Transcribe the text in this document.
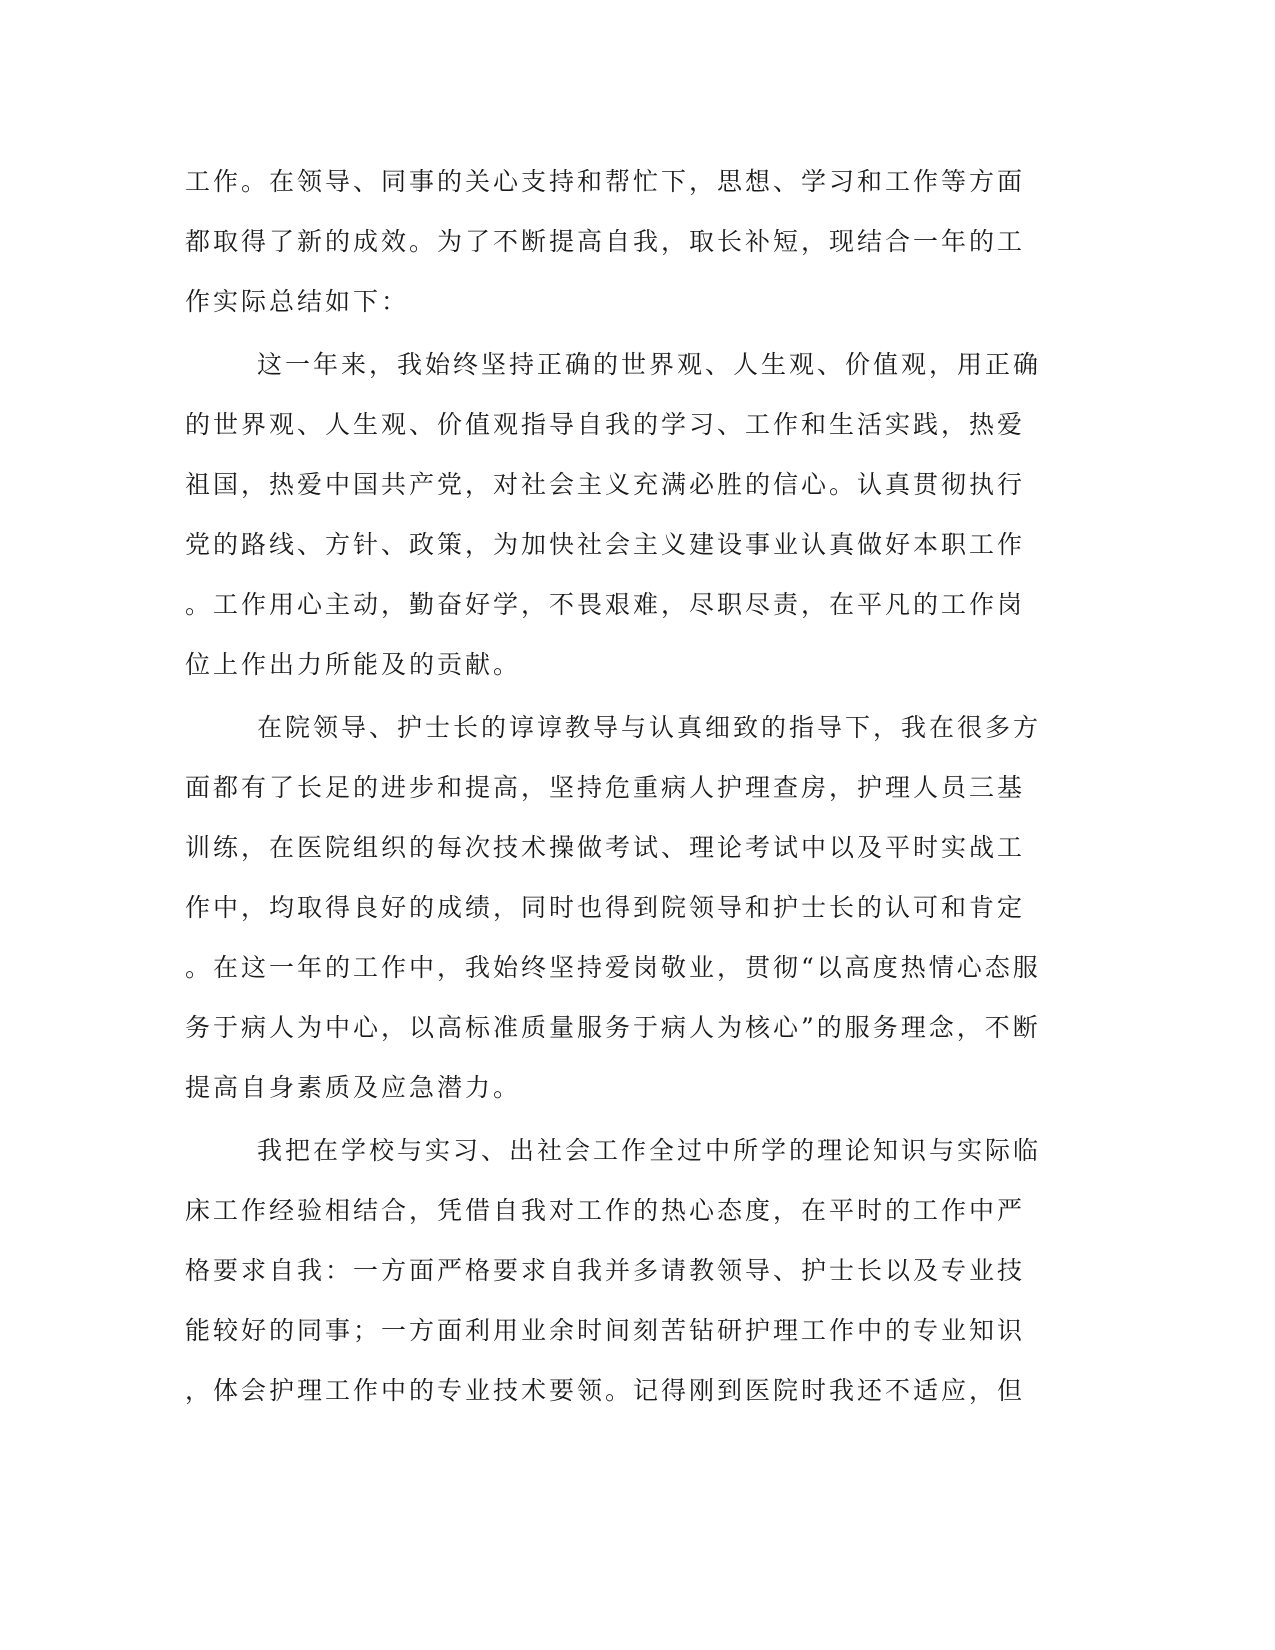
工作。在领导、同事的关心支持和帮忙下，思想、学习和工作等方面
都取得了新的成效。为了不断提高自我，取长补短，现结合一年的工
作实际总结如下：
这一年来，我始终坚持正确的世界观、人生观、价值观，用正确
的世界观、人生观、价值观指导自我的学习、工作和生活实践，热爱
祖国，热爱中国共产党，对社会主义充满必胜的信心。认真贯彻执行
党的路线、方针、政策，为加快社会主义建设事业认真做好本职工作
。工作用心主动，勤奋好学，不畏艰难，尽职尽责，在平凡的工作岗
位上作出力所能及的贡献。
在院领导、护士长的谆谆教导与认真细致的指导下，我在很多方
面都有了长足的进步和提高，坚持危重病人护理查房，护理人员三基
训练，在医院组织的每次技术操做考试、理论考试中以及平时实战工
作中，均取得良好的成绩，同时也得到院领导和护士长的认可和肯定
。在这一年的工作中，我始终坚持爱岗敬业，贯彻“以高度热情心态服
务于病人为中心，以高标准质量服务于病人为核心”的服务理念，不断
提高自身素质及应急潜力。
我把在学校与实习、出社会工作全过中所学的理论知识与实际临
床工作经验相结合，凭借自我对工作的热心态度，在平时的工作中严
格要求自我：一方面严格要求自我并多请教领导、护士长以及专业技
能较好的同事；一方面利用业余时间刻苦钻研护理工作中的专业知识
，体会护理工作中的专业技术要领。记得刚到医院时我还不适应，但
